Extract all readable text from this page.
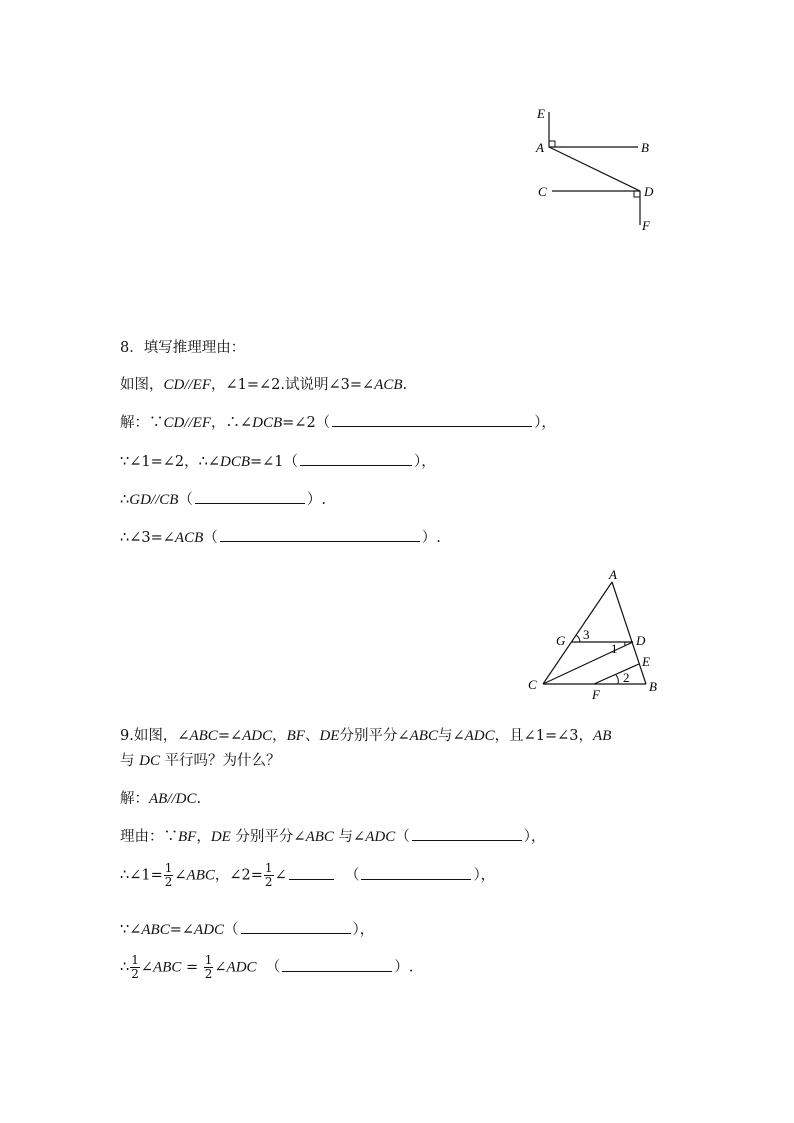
E
A	B
C	D
F
8．填写推理理由：
如图，CD//EF，∠1=∠2.试说明∠3=∠ACB.
解：∵CD//EF，∴∠DCB=∠2（	），
∵∠1=∠2，∴∠DCB=∠1（	），
∴GD//CB（	）.
∴∠3=∠ACB（	）.
A
G	D
E
C
F
B
3
1
2
9.如图，∠ABC=∠ADC，BF、DE分别平分∠ABC与∠ADC，且∠1=∠3，AB
与 DC 平行吗？为什么？
解：AB//DC.
理由：∵BF，DE 分别平分∠ABC 与∠ADC（	），
∴∠1= $\frac{1}{2}$ ∠ABC，∠2= $\frac{1}{2}$ ∠	（	），
∵∠ABC=∠ADC（	），
∴ $\frac{1}{2}$ ∠ABC = $\frac{1}{2}$ ∠ADC （	）.
